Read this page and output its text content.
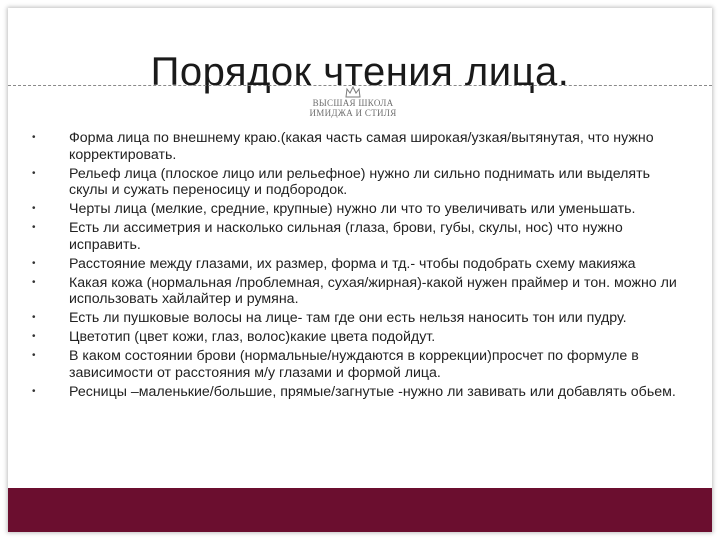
Порядок чтения лица.
ВЫСШАЯ ШКОЛА
ИМИДЖА И СТИЛЯ
• Форма лица по внешнему краю.(какая часть самая широкая/узкая/вытянутая, что нужно корректировать.
• Рельеф лица (плоское лицо или рельефное) нужно ли сильно поднимать или выделять скулы и сужать переносицу и подбородок.
• Черты лица (мелкие, средние, крупные) нужно ли что то увеличивать или уменьшать.
• Есть ли ассиметрия и насколько сильная (глаза, брови, губы, скулы, нос) что нужно исправить.
• Расстояние между глазами, их размер, форма и тд.- чтобы подобрать схему макияжа
• Какая кожа (нормальная /проблемная, сухая/жирная)-какой нужен праймер и тон. можно ли использовать хайлайтер и румяна.
• Есть ли пушковые волосы на лице- там где они есть нельзя наносить тон или пудру.
• Цветотип (цвет кожи, глаз, волос)какие цвета подойдут.
• В каком состоянии брови (нормальные/нуждаются в коррекции)просчет по формуле в зависимости от расстояния м/у глазами и формой лица.
• Ресницы –маленькие/большие, прямые/загнутые -нужно ли завивать или добавлять обьем.
